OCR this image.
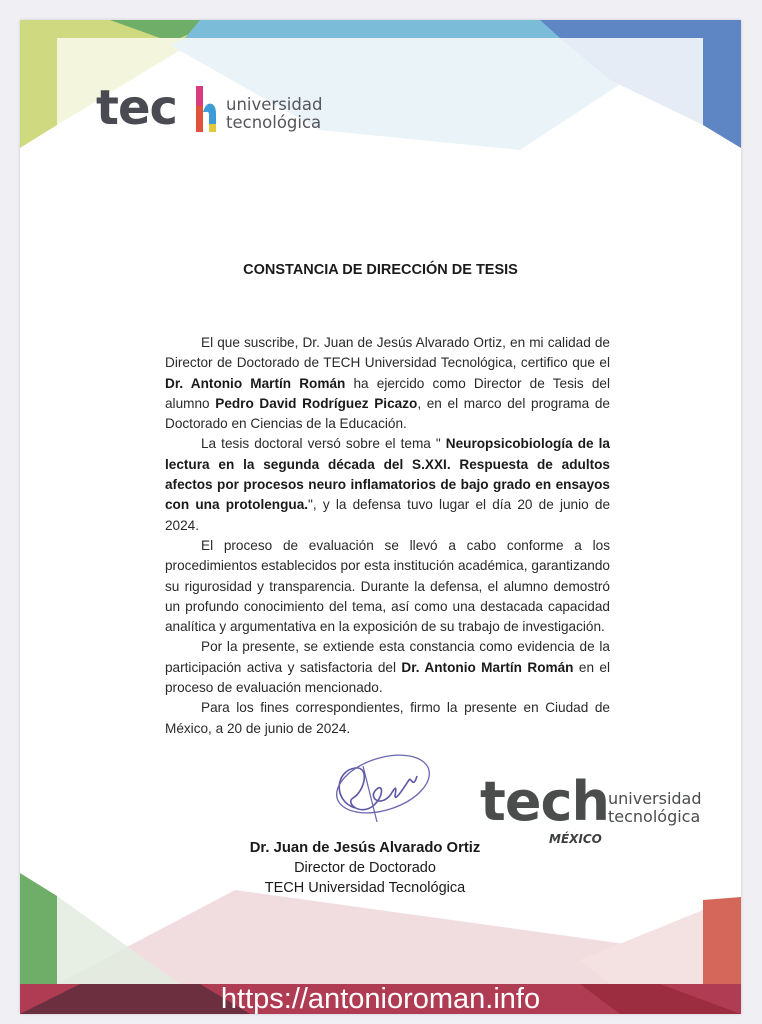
tec	universidad
tecnológica
CONSTANCIA DE DIRECCIÓN DE TESIS

El que suscribe, Dr. Juan de Jesús Alvarado Ortiz, en mi calidad de Director de Doctorado de TECH Universidad Tecnológica, certifico que el Dr. Antonio Martín Román ha ejercido como Director de Tesis del alumno Pedro David Rodríguez Picazo, en el marco del programa de Doctorado en Ciencias de la Educación.

La tesis doctoral versó sobre el tema " Neuropsicobiología de la lectura en la segunda década del S.XXI. Respuesta de adultos afectos por procesos neuro inflamatorios de bajo grado en ensayos con una protolengua.", y la defensa tuvo lugar el día 20 de junio de 2024.

El proceso de evaluación se llevó a cabo conforme a los procedimientos establecidos por esta institución académica, garantizando su rigurosidad y transparencia. Durante la defensa, el alumno demostró un profundo conocimiento del tema, así como una destacada capacidad analítica y argumentativa en la exposición de su trabajo de investigación.

Por la presente, se extiende esta constancia como evidencia de la participación activa y satisfactoria del Dr. Antonio Martín Román en el proceso de evaluación mencionado.

Para los fines correspondientes, firmo la presente en Ciudad de México, a 20 de junio de 2024.

tech universidad
tecnológica
MÉXICO
Dr. Juan de Jesús Alvarado Ortiz
Director de Doctorado
TECH Universidad Tecnológica
https://antonioroman.info
